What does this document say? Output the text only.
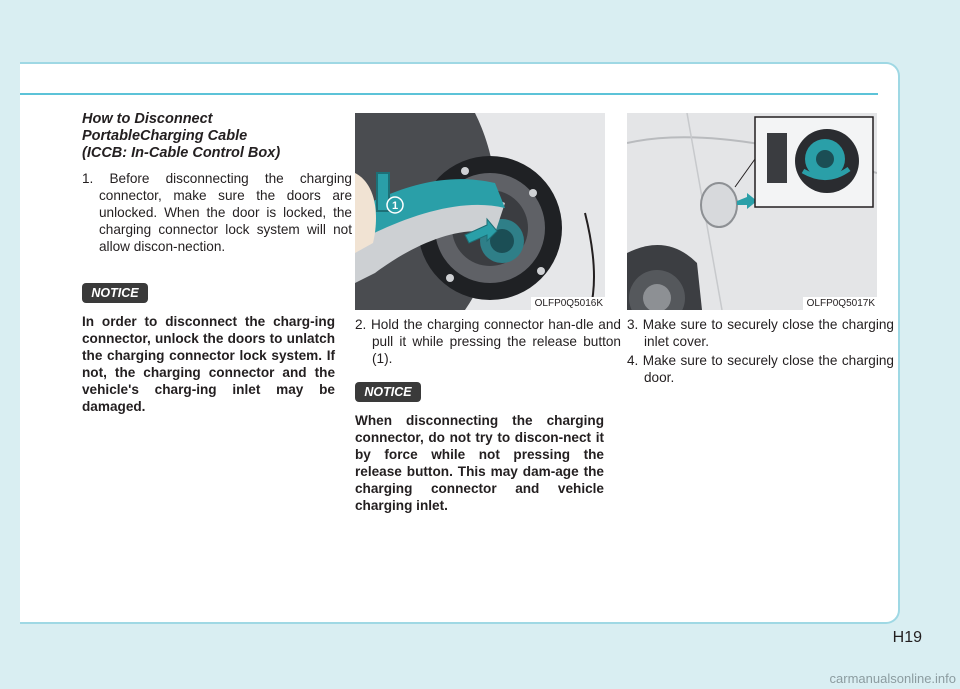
How to Disconnect
PortableCharging Cable
(ICCB: In-Cable Control Box)
1. Before disconnecting the charging connector, make sure the doors are unlocked. When the door is locked, the charging connector lock system will not allow discon-nection.
NOTICE
In order to disconnect the charg-ing connector, unlock the doors to unlatch the charging connector lock system. If not, the charging connector and the vehicle's charg-ing inlet may be damaged.
1
OLFP0Q5016K
2. Hold the charging connector han-dle and pull it while pressing the release button (1).
NOTICE
When disconnecting the charging connector, do not try to discon-nect it by force while not pressing the release button. This may dam-age the charging connector and vehicle charging inlet.
OLFP0Q5017K
3. Make sure to securely close the charging inlet cover.
4. Make sure to securely close the charging door.
H19
carmanualsonline.info
